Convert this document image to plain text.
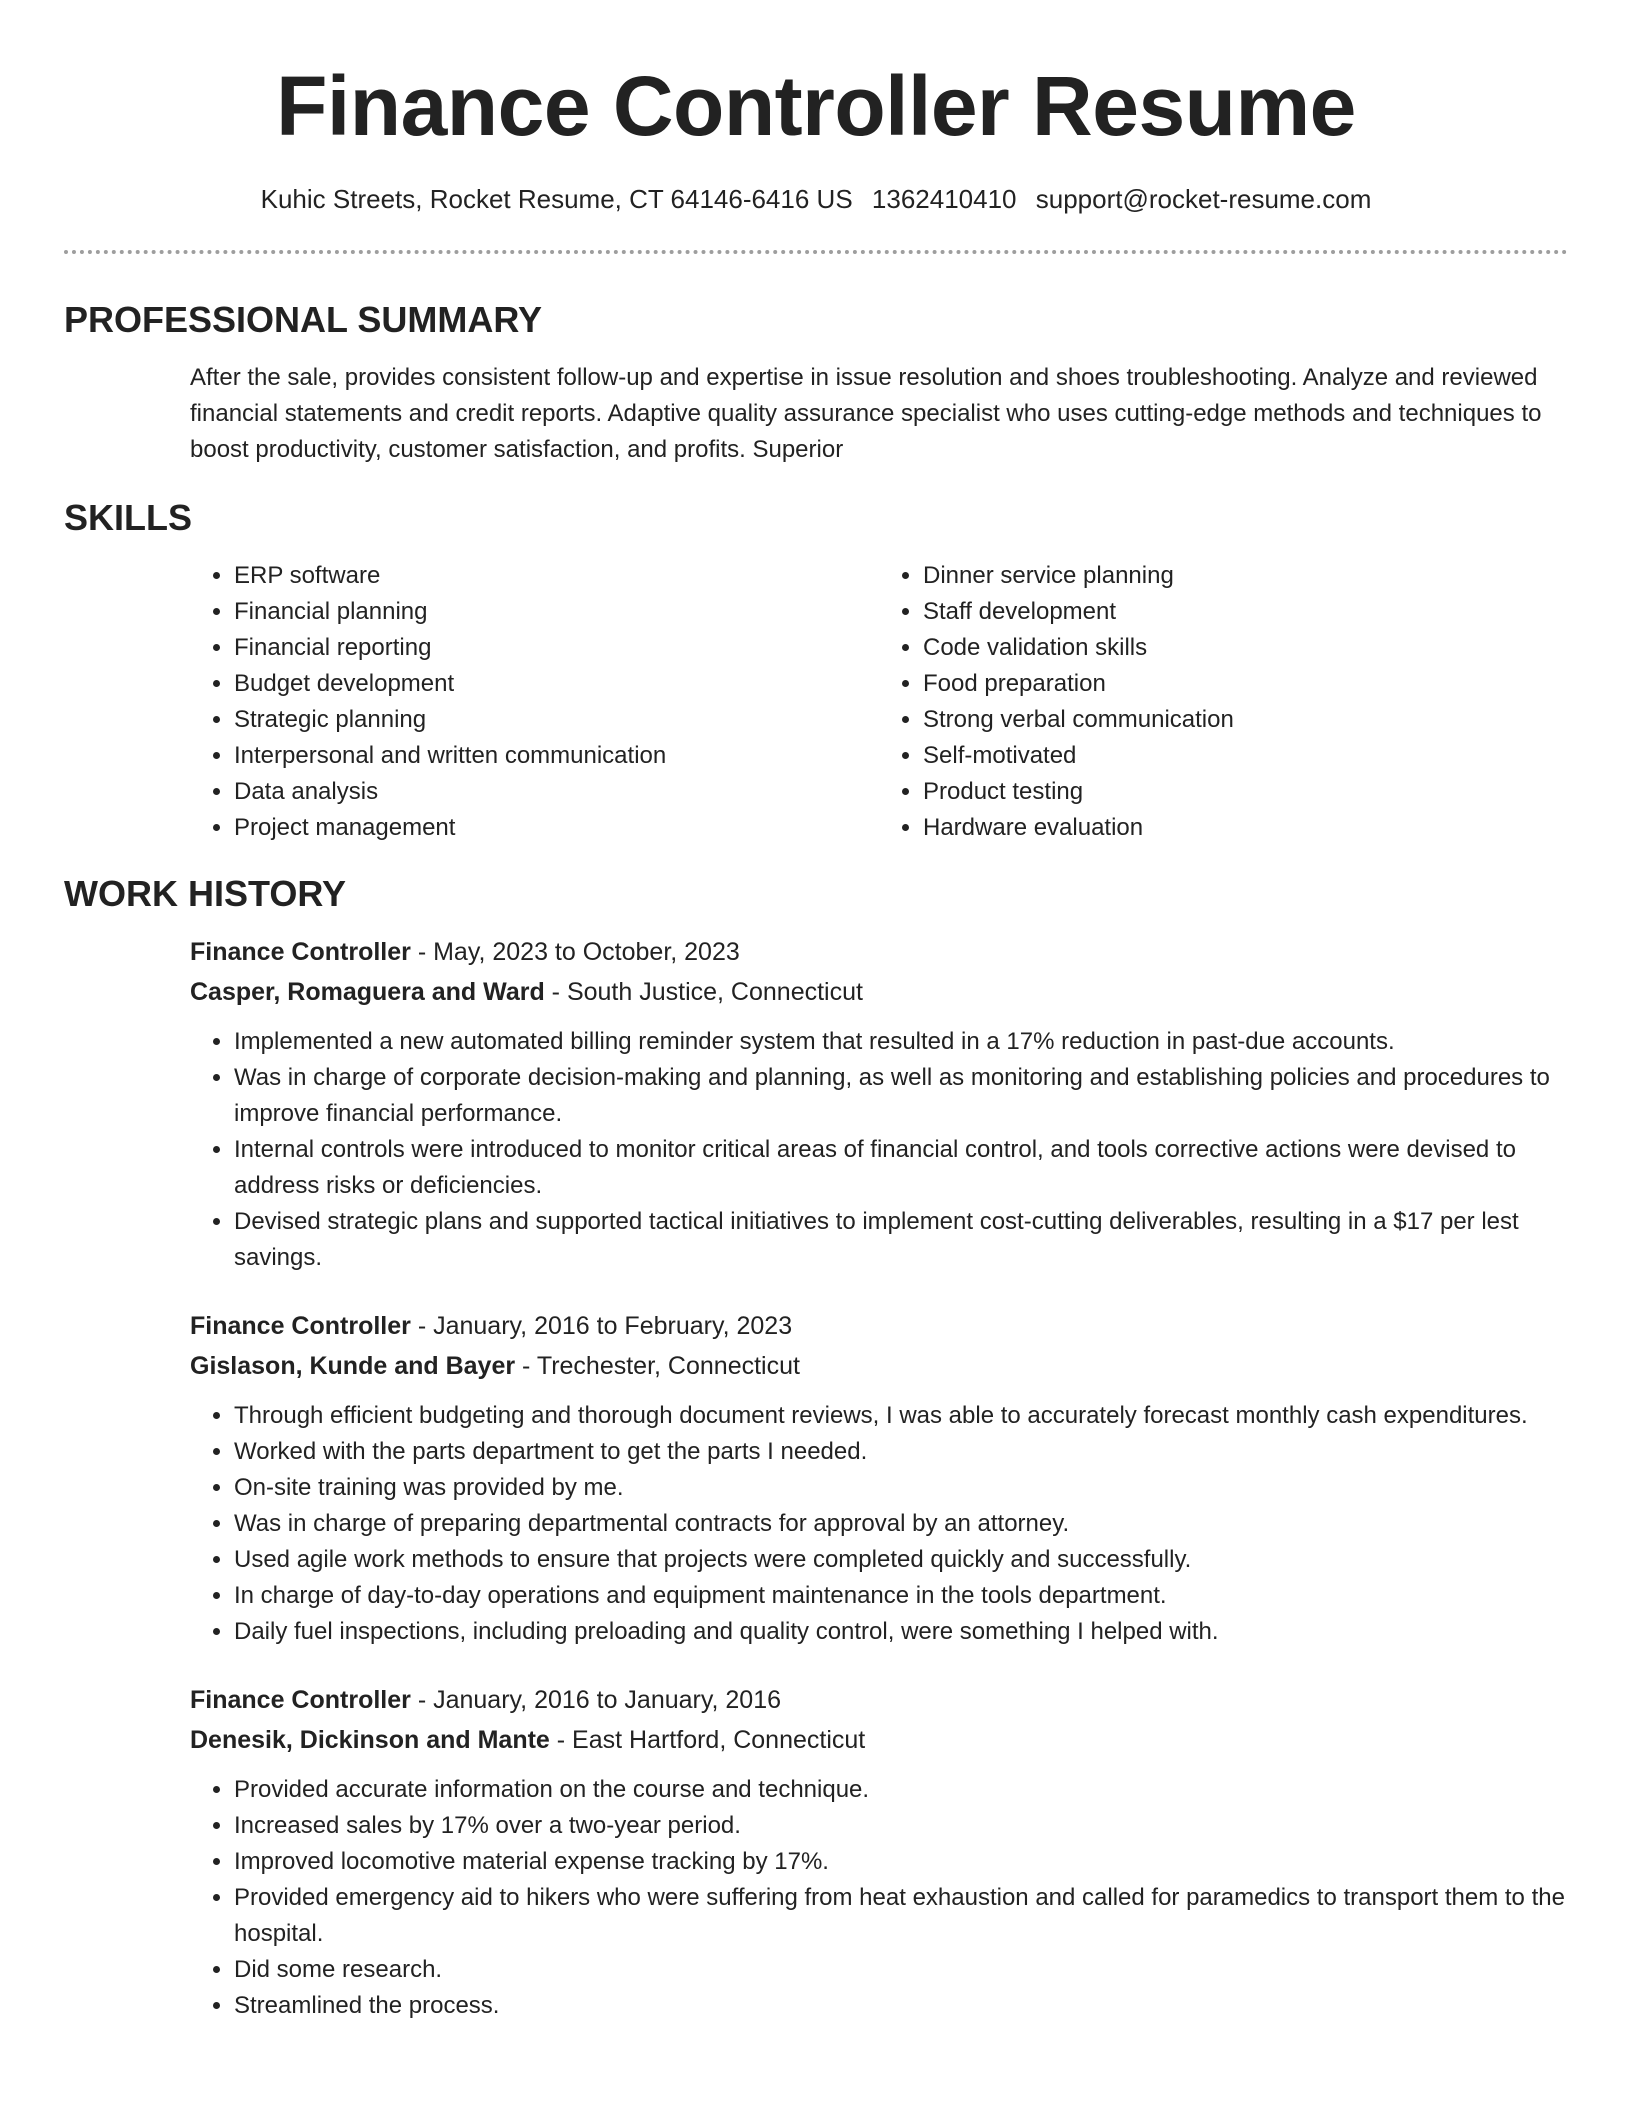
Finance Controller Resume
Kuhic Streets, Rocket Resume, CT 64146-6416 US 1362410410 support@rocket-resume.com
PROFESSIONAL SUMMARY

After the sale, provides consistent follow-up and expertise in issue resolution and shoes troubleshooting. Analyze and reviewed financial statements and credit reports. Adaptive quality assurance specialist who uses cutting-edge methods and techniques to boost productivity, customer satisfaction, and profits. Superior

SKILLS
• ERP software
• Financial planning
• Financial reporting
• Budget development
• Strategic planning
• Interpersonal and written communication
• Data analysis
• Project management
• Dinner service planning
• Staff development
• Code validation skills
• Food preparation
• Strong verbal communication
• Self-motivated
• Product testing
• Hardware evaluation
WORK HISTORY
Finance Controller - May, 2023 to October, 2023
Casper, Romaguera and Ward - South Justice, Connecticut
• Implemented a new automated billing reminder system that resulted in a 17% reduction in past-due accounts.
• Was in charge of corporate decision-making and planning, as well as monitoring and establishing policies and procedures to improve financial performance.
• Internal controls were introduced to monitor critical areas of financial control, and tools corrective actions were devised to address risks or deficiencies.
• Devised strategic plans and supported tactical initiatives to implement cost-cutting deliverables, resulting in a $17 per lest savings.
Finance Controller - January, 2016 to February, 2023
Gislason, Kunde and Bayer - Trechester, Connecticut
• Through efficient budgeting and thorough document reviews, I was able to accurately forecast monthly cash expenditures.
• Worked with the parts department to get the parts I needed.
• On-site training was provided by me.
• Was in charge of preparing departmental contracts for approval by an attorney.
• Used agile work methods to ensure that projects were completed quickly and successfully.
• In charge of day-to-day operations and equipment maintenance in the tools department.
• Daily fuel inspections, including preloading and quality control, were something I helped with.
Finance Controller - January, 2016 to January, 2016
Denesik, Dickinson and Mante - East Hartford, Connecticut
• Provided accurate information on the course and technique.
• Increased sales by 17% over a two-year period.
• Improved locomotive material expense tracking by 17%.
• Provided emergency aid to hikers who were suffering from heat exhaustion and called for paramedics to transport them to the hospital.
• Did some research.
• Streamlined the process.
